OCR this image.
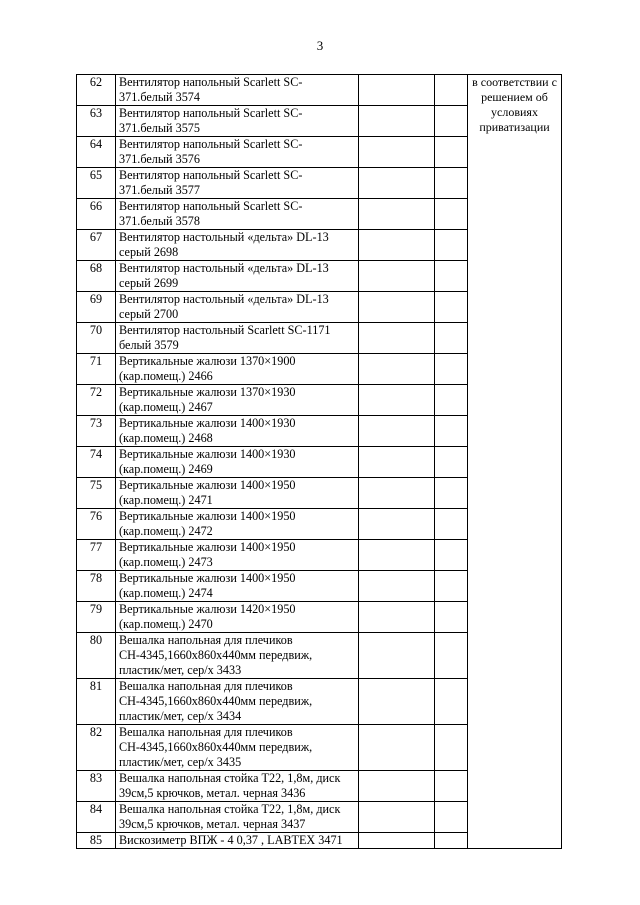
3
62	Вентилятор напольный Scarlett SC-371.белый 3574			в соответствии с решением об условиях приватизации
63	Вентилятор напольный Scarlett SC-371.белый 3575			
64	Вентилятор напольный Scarlett SC-371.белый 3576			
65	Вентилятор напольный Scarlett SC-371.белый 3577			
66	Вентилятор напольный Scarlett SC-371.белый 3578			
67	Вентилятор настольный «дельта» DL-13 серый 2698			
68	Вентилятор настольный «дельта» DL-13 серый 2699			
69	Вентилятор настольный «дельта» DL-13 серый 2700			
70	Вентилятор настольный Scarlett SC-1171 белый 3579			
71	Вертикальные жалюзи 1370×1900 (кар.помещ.) 2466			
72	Вертикальные жалюзи 1370×1930 (кар.помещ.) 2467			
73	Вертикальные жалюзи 1400×1930 (кар.помещ.) 2468			
74	Вертикальные жалюзи 1400×1930 (кар.помещ.) 2469			
75	Вертикальные жалюзи 1400×1950 (кар.помещ.) 2471			
76	Вертикальные жалюзи 1400×1950 (кар.помещ.) 2472			
77	Вертикальные жалюзи 1400×1950 (кар.помещ.) 2473			
78	Вертикальные жалюзи 1400×1950 (кар.помещ.) 2474			
79	Вертикальные жалюзи 1420×1950 (кар.помещ.) 2470			
80	Вешалка напольная для плечиков СН-4345,1660х860х440мм передвиж, пластик/мет, сер/х 3433			
81	Вешалка напольная для плечиков СН-4345,1660х860х440мм передвиж, пластик/мет, сер/х 3434			
82	Вешалка напольная для плечиков СН-4345,1660х860х440мм передвиж, пластик/мет, сер/х 3435			
83	Вешалка напольная стойка Т22, 1,8м, диск 39см,5 крючков, метал. черная 3436			
84	Вешалка напольная стойка Т22, 1,8м, диск 39см,5 крючков, метал. черная 3437			
85	Вискозиметр ВПЖ - 4 0,37 , LABTEX 3471			
